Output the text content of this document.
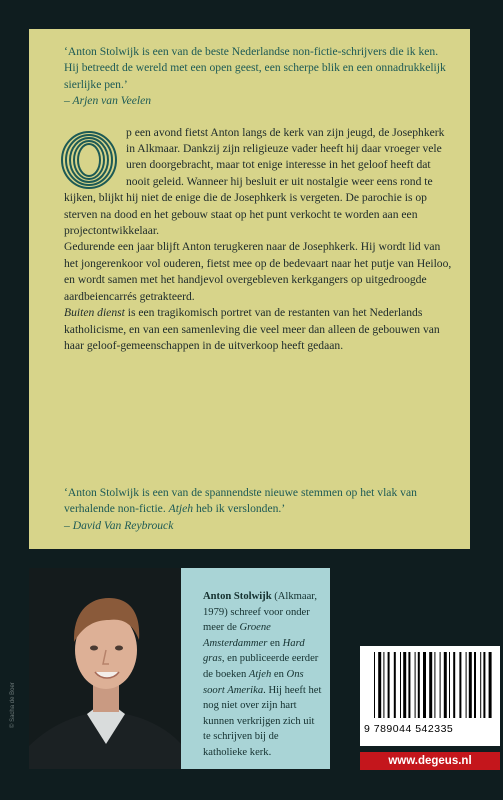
‘Anton Stolwijk is een van de beste Nederlandse non-fictie-schrijvers die ik ken. Hij betreedt de wereld met een open geest, een scherpe blik en een onnadrukkelijk sierlijke pen.’
– Arjen van Veelen

p een avond fietst Anton langs de kerk van zijn jeugd, de Josephkerk in Alkmaar. Dankzij zijn religieuze vader heeft hij daar vroeger vele uren doorgebracht, maar tot enige interesse in het geloof heeft dat nooit geleid. Wanneer hij besluit er uit nostalgie weer eens rond te kijken, blijkt hij niet de enige die de Josephkerk is vergeten. De parochie is op sterven na dood en het gebouw staat op het punt verkocht te worden aan een projectontwikkelaar.

Gedurende een jaar blijft Anton terugkeren naar de Josephkerk. Hij wordt lid van het jongerenkoor vol ouderen, fietst mee op de bedevaart naar het putje van Heiloo, en wordt samen met het handjevol overgebleven kerkgangers op uitgedroogde aardbeiencarrés getrakteerd.

Buiten dienst is een tragikomisch portret van de restanten van het Nederlands katholicisme, en van een samenleving die veel meer dan alleen de gebouwen van haar geloof-gemeenschappen in de uitverkoop heeft gedaan.

‘Anton Stolwijk is een van de spannendste nieuwe stemmen op het vlak van verhalende non-fictie. Atjeh heb ik verslonden.’
– David Van Reybrouck

© Sacha de Boer
Anton Stolwijk (Alkmaar, 1979) schreef voor onder meer de Groene Amsterdammer en Hard gras, en publiceerde eerder de boeken Atjeh en Ons soort Amerika. Hij heeft het nog niet over zijn hart kunnen verkrijgen zich uit te schrijven bij de katholieke kerk.
9 789044 542335
www.degeus.nl
